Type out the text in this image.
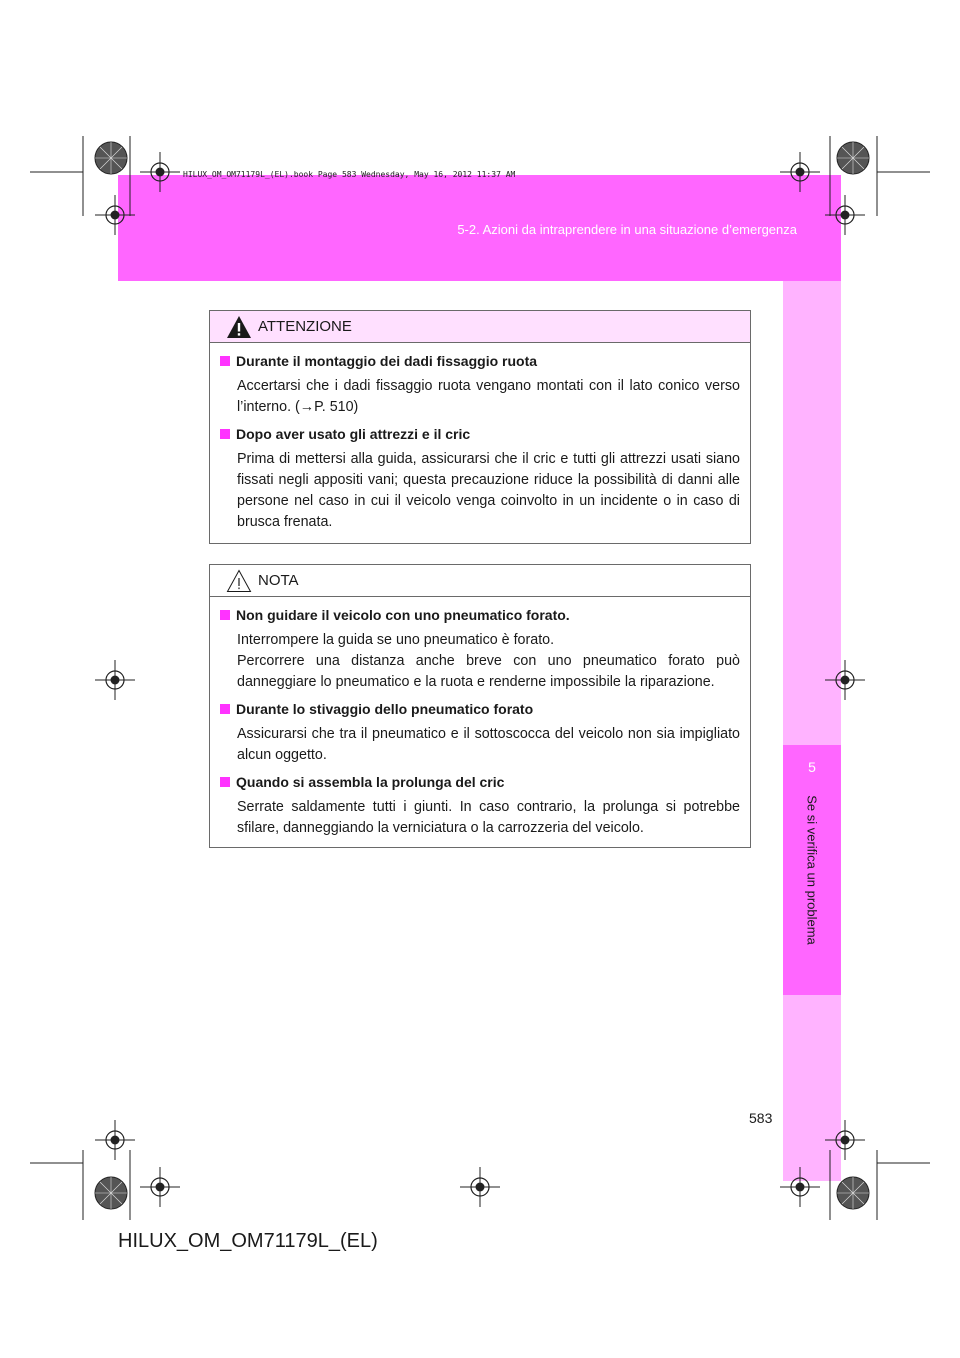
HILUX_OM_OM71179L_(EL).book Page 583 Wednesday, May 16, 2012 11:37 AM
5-2. Azioni da intraprendere in una situazione d’emergenza
5
Se si verifica un problema
ATTENZIONE
Durante il montaggio dei dadi fissaggio ruota

Accertarsi che i dadi fissaggio ruota vengano montati con il lato conico verso l’interno. (→P. 510)

Dopo aver usato gli attrezzi e il cric

Prima di mettersi alla guida, assicurarsi che il cric e tutti gli attrezzi usati siano fissati negli appositi vani; questa precauzione riduce la possibilità di danni alle persone nel caso in cui il veicolo venga coinvolto in un incidente o in caso di brusca frenata.

NOTA
Non guidare il veicolo con uno pneumatico forato.

Interrompere la guida se uno pneumatico è forato.

Percorrere una distanza anche breve con uno pneumatico forato può danneggiare lo pneumatico e la ruota e renderne impossibile la riparazione.

Durante lo stivaggio dello pneumatico forato

Assicurarsi che tra il pneumatico e il sottoscocca del veicolo non sia impigliato alcun oggetto.

Quando si assembla la prolunga del cric

Serrate saldamente tutti i giunti. In caso contrario, la prolunga si potrebbe sfilare, danneggiando la verniciatura o la carrozzeria del veicolo.

583
HILUX_OM_OM71179L_(EL)
